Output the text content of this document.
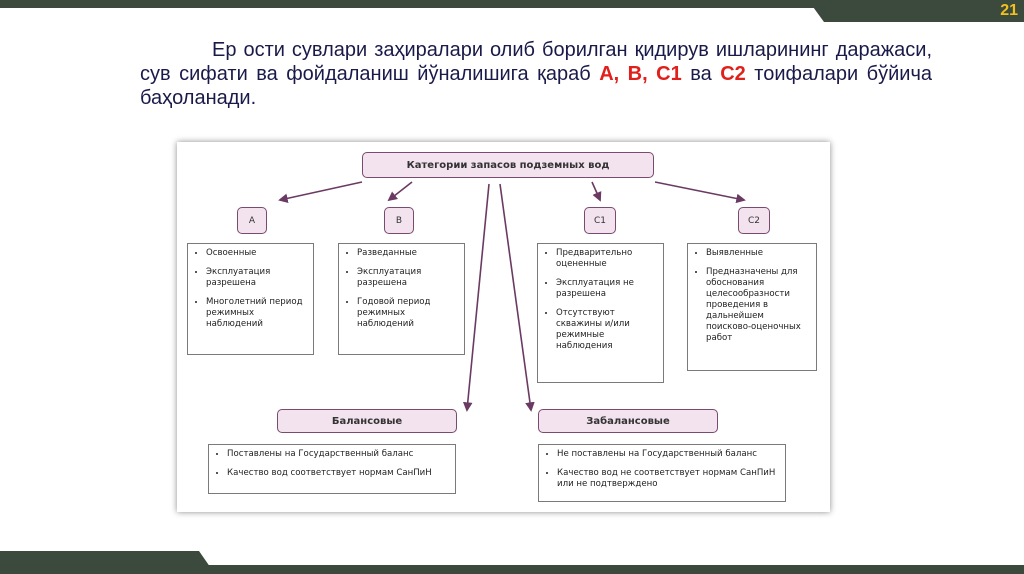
21
Ер ости сувлари заҳиралари олиб борилган қидирув ишларининг даражаси, сув сифати ва фойдаланиш йўналишига қараб A, B, C1 ва C2 тоифалари бўйича баҳоланади.
Категории запасов подземных вод
А	В	С1	С2
• Освоенные
• Эксплуатация разрешена
• Многолетний период режимных наблюдений
• Разведанные
• Эксплуатация разрешена
• Годовой период режимных наблюдений
• Предварительно оцененные
• Эксплуатация не разрешена
• Отсутствуют скважины и/или режимные наблюдения
• Выявленные
• Предназначены для обоснования целесообразности проведения в дальнейшем поисково-оценочных работ
Балансовые	Забалансовые
• Поставлены на Государственный баланс
• Качество вод соответствует нормам СанПиН
• Не поставлены на Государственный баланс
• Качество вод не соответствует нормам СанПиН или не подтверждено
